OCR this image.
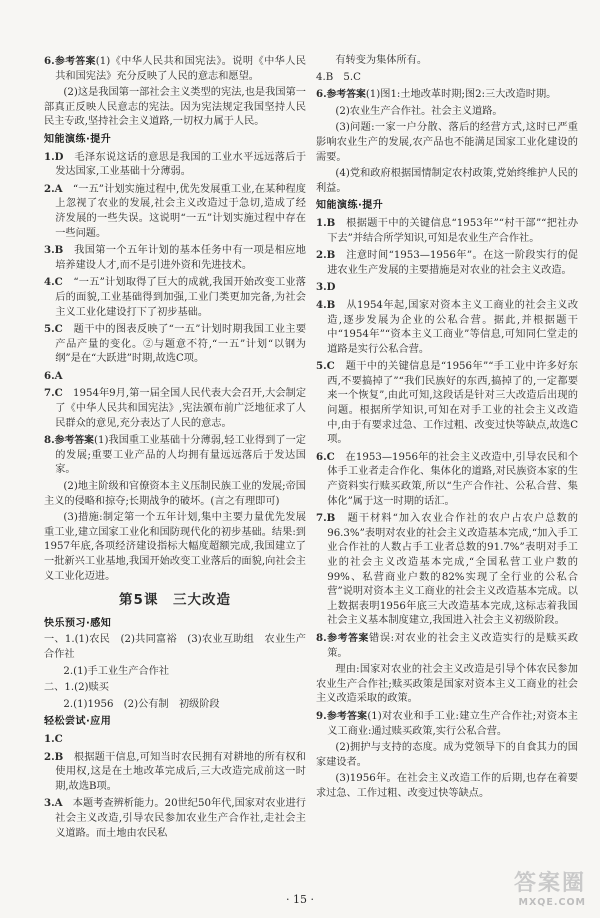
6.参考答案(1)《中华人民共和国宪法》。说明《中华人民共和国宪法》充分反映了人民的意志和愿望。

(2)这是我国第一部社会主义类型的宪法,也是我国第一部真正反映人民意志的宪法。因为宪法规定我国坚持人民民主专政,坚持社会主义道路,一切权力属于人民。

知能演练·提升

1.D　 毛泽东说这话的意思是我国的工业水平远远落后于发达国家,工业基础十分薄弱。

2.A　 “一五”计划实施过程中,优先发展重工业,在某种程度上忽视了农业的发展,社会主义改造过于急切,造成了经济发展的一些失误。这说明“一五”计划实施过程中存在一些问题。

3.B　 我国第一个五年计划的基本任务中有一项是相应地培养建设人才,而不是引进外资和先进技术。

4.C　 “一五”计划取得了巨大的成就,我国开始改变工业落后的面貌,工业基础得到加强,工业门类更加完备,为社会主义工业化建设打下了初步基础。

5.C　 题干中的图表反映了“一五”计划时期我国工业主要产品产量的变化。②与题意不符,“一五”计划“以钢为纲”是在“大跃进”时期,故选C项。

6.A　

7.C　 1954年9月,第一届全国人民代表大会召开,大会制定了《中华人民共和国宪法》,宪法颁布前广泛地征求了人民群众的意见,充分表达了人民的意志。

8.参考答案(1)我国重工业基础十分薄弱,轻工业得到了一定的发展;重要工业产品的人均拥有量远远落后于发达国家。

(2)地主阶级和官僚资本主义压制民族工业的发展;帝国主义的侵略和掠夺;长期战争的破坏。(言之有理即可)

(3)措施:制定第一个五年计划,集中主要力量优先发展重工业,建立国家工业化和国防现代化的初步基础。结果:到1957年底,各项经济建设指标大幅度超额完成,我国建立了一批新兴工业基地,我国开始改变工业落后的面貌,向社会主义工业化迈进。

第5课　三大改造
快乐预习·感知

一、1.(1)农民　(2)共同富裕　(3)农业互助组　农业生产合作社

2.(1)手工业生产合作社

二、1.(2)赎买

2.(1)1956　(2)公有制　初级阶段

轻松尝试·应用

1.C　

2.B　 根据题干信息,可知当时农民拥有对耕地的所有权和使用权,这是在土地改革完成后,三大改造完成前这一时期,故选B项。

3.A　 本题考查辨析能力。20世纪50年代,国家对农业进行社会主义改造,引导农民参加农业生产合作社,走社会主义道路。而土地由农民私

有转变为集体所有。

4.B　5.C

6.参考答案(1)图1:土地改革时期;图2:三大改造时期。

(2)农业生产合作社。社会主义道路。

(3)问题:一家一户分散、落后的经营方式,这时已严重影响农业生产的发展,农产品也不能满足国家工业化建设的需要。

(4)党和政府根据国情制定农村政策,党始终维护人民的利益。

知能演练·提升

1.B　 根据题干中的关键信息“1953年”“村干部”“把社办下去”并结合所学知识,可知是农业生产合作社。

2.B　 注意时间“1953—1956年”。在这一阶段实行的促进农业生产发展的主要措施是对农业的社会主义改造。

3.D　

4.B　 从1954年起,国家对资本主义工商业的社会主义改造,逐步发展为企业的公私合营。据此,并根据题干中“1954年”“资本主义工商业”等信息,可知同仁堂走的道路是实行公私合营。

5.C　 题干中的关键信息是“1956年”“手工业中许多好东西,不要搞掉了”“我们民族好的东西,搞掉了的,一定都要来一个恢复”,由此可知,这段话是针对三大改造后出现的问题。根据所学知识,可知在对手工业的社会主义改造中,由于有要求过急、工作过粗、改变过快等缺点,故选C项。

6.C　 在1953—1956年的社会主义改造中,引导农民和个体手工业者走合作化、集体化的道路,对民族资本家的生产资料实行赎买政策,所以“生产合作社、公私合营、集体化”属于这一时期的话汇。

7.B　 题干材料“加入农业合作社的农户占农户总数的96.3%”表明对农业的社会主义改造基本完成,“加入手工业合作社的人数占手工业者总数的91.7%”表明对手工业的社会主义改造基本完成,“全国私营工业户数的99%、私营商业户数的82%实现了全行业的公私合营”说明对资本主义工商业的社会主义改造基本完成。以上数据表明1956年底三大改造基本完成,这标志着我国社会主义基本制度建立,我国进入社会主义初级阶段。

8.参考答案错误:对农业的社会主义改造实行的是赎买政策。

理由:国家对农业的社会主义改造是引导个体农民参加农业生产合作社;赎买政策是国家对资本主义工商业的社会主义改造采取的政策。

9.参考答案(1)对农业和手工业:建立生产合作社;对资本主义工商业:通过赎买政策,实行公私合营。

(2)拥护与支持的态度。成为党领导下的自食其力的国家建设者。

(3)1956年。在社会主义改造工作的后期,也存在着要求过急、工作过粗、改变过快等缺点。

· 15 ·
答案圈
MXQE.COM
